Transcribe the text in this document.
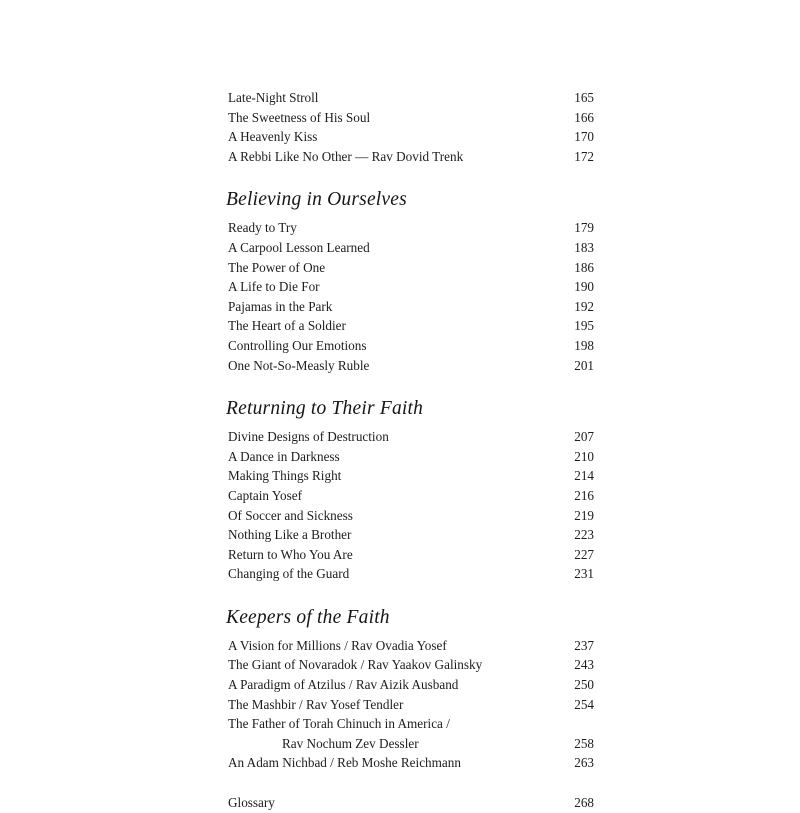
Late-Night Stroll	165
The Sweetness of His Soul	166
A Heavenly Kiss	170
A Rebbi Like No Other — Rav Dovid Trenk	172
Believing in Ourselves
Ready to Try	179
A Carpool Lesson Learned	183
The Power of One	186
A Life to Die For	190
Pajamas in the Park	192
The Heart of a Soldier	195
Controlling Our Emotions	198
One Not-So-Measly Ruble	201
Returning to Their Faith
Divine Designs of Destruction	207
A Dance in Darkness	210
Making Things Right	214
Captain Yosef	216
Of Soccer and Sickness	219
Nothing Like a Brother	223
Return to Who You Are	227
Changing of the Guard	231
Keepers of the Faith
A Vision for Millions / Rav Ovadia Yosef	237
The Giant of Novaradok / Rav Yaakov Galinsky	243
A Paradigm of Atzilus / Rav Aizik Ausband	250
The Mashbir / Rav Yosef Tendler	254
The Father of Torah Chinuch in America /
Rav Nochum Zev Dessler	258
An Adam Nichbad / Reb Moshe Reichmann	263
Glossary	268
